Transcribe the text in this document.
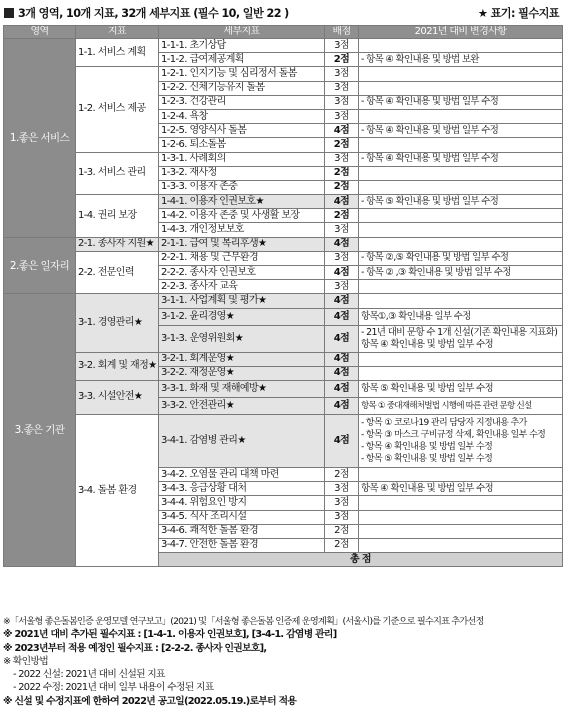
3개 영역, 10개 지표, 32개 세부지표 (필수 10, 일반 22 )	★ 표기: 필수지표
영역	지표	세부지표	배점	2021년 대비 변경사항	
1.좋은 서비스	1-1. 서비스 계획	1-1-1. 초기상담	3점		
		1-1-2. 급여제공계획	2점	- 항목 ④ 확인내용 및 방법 보완	
	1-2. 서비스 제공	1-2-1. 인지기능 및 심리정서 돌봄	3점		
		1-2-2. 신체기능유지 돌봄	3점		
		1-2-3. 건강관리	3점	- 항목 ④ 확인내용 및 방법 일부 수정	
		1-2-4. 욕창	3점		
		1-2-5. 영양식사 돌봄	4점	- 항목 ④ 확인내용 및 방법 일부 수정	
		1-2-6. 퇴소돌봄	2점		
	1-3. 서비스 관리	1-3-1. 사례회의	3점	- 항목 ④ 확인내용 및 방법 일부 수정	
		1-3-2. 재사정	2점		
		1-3-3. 이용자 존중	2점		
	1-4. 권리 보장	1-4-1. 이용자 인권보호★	4점	- 항목 ⑤ 확인내용 및 방법 일부 수정	
		1-4-2. 이용자 존중 및 사생활 보장	2점		
		1-4-3. 개인정보보호	3점		
2.좋은 일자리	2-1. 종사자 지원★	2-1-1. 급여 및 복리후생★	4점		
	2-2. 전문인력	2-2-1. 채용 및 근무환경	3점	- 항목 ②,⑤ 확인내용 및 방법 일부 수정	
		2-2-2. 종사자 인권보호	4점	- 항목 ② ,③ 확인내용 및 방법 일부 수정	
		2-2-3. 종사자 교육	3점		
3.좋은 기관	3-1. 경영관리★	3-1-1. 사업계획 및 평가★	4점		
		3-1-2. 윤리경영★	4점	항목①,③ 확인내용 일부 수정	
		3-1-3. 운영위원회★	4점	- 21년 대비 문항 수 1개 신설(기존 확인내용 지표화)
항목 ④ 확인내용 및 방법 일부 수정	

	3-2. 회계 및 재정★	3-2-1. 회계운영★	4점		
		3-2-2. 재정운영★	4점		
	3-3. 시설안전★	3-3-1. 화재 및 재해예방★	4점	항목 ⑤ 확인내용 및 방법 일부 수정	
		3-3-2. 안전관리★	4점	항목 ① 중대재해처벌법 시행에 따른 관련 문항 신설	
	3-4. 돌봄 환경	3-4-1. 감염병 관리★	4점	- 항목 ① 코로나19 관리 담당자 지정내용 추가
- 항목 ③ 마스크 구비규정 삭제, 확인내용 일부 수정
- 항목 ④ 확인내용 및 방법 일부 수정
- 항목 ⑤ 확인내용 및 방법 일부 수정	

		3-4-2. 오염물 관리 대책 마련	2점		
		3-4-3. 응급상황 대처	3점	항목 ④ 확인내용 및 방법 일부 수정	
		3-4-4. 위험요인 방지	3점		
		3-4-5. 식사 조리시설	3점		
		3-4-6. 쾌적한 돌봄 환경	2점		
		3-4-7. 안전한 돌봄 환경	2점		
		총 점		
※「서울형 좋은돌봄인증 운영모델 연구보고」(2021) 및「서울형 좋은돌봄 인증제 운영계획」(서울시)를 기준으로 필수지표 추가선정
※ 2021년 대비 추가된 필수지표 : [1-4-1. 이용자 인권보호], [3-4-1. 감염병 관리]
※ 2023년부터 적용 예정인 필수지표 : [2-2-2. 종사자 인권보호],
※ 확인방법
- 2022 신설: 2021년 대비 신설된 지표
- 2022 수정: 2021년 대비 일부 내용이 수정된 지표
※ 신설 및 수정지표에 한하여 2022년 공고일(2022.05.19.)로부터 적용
